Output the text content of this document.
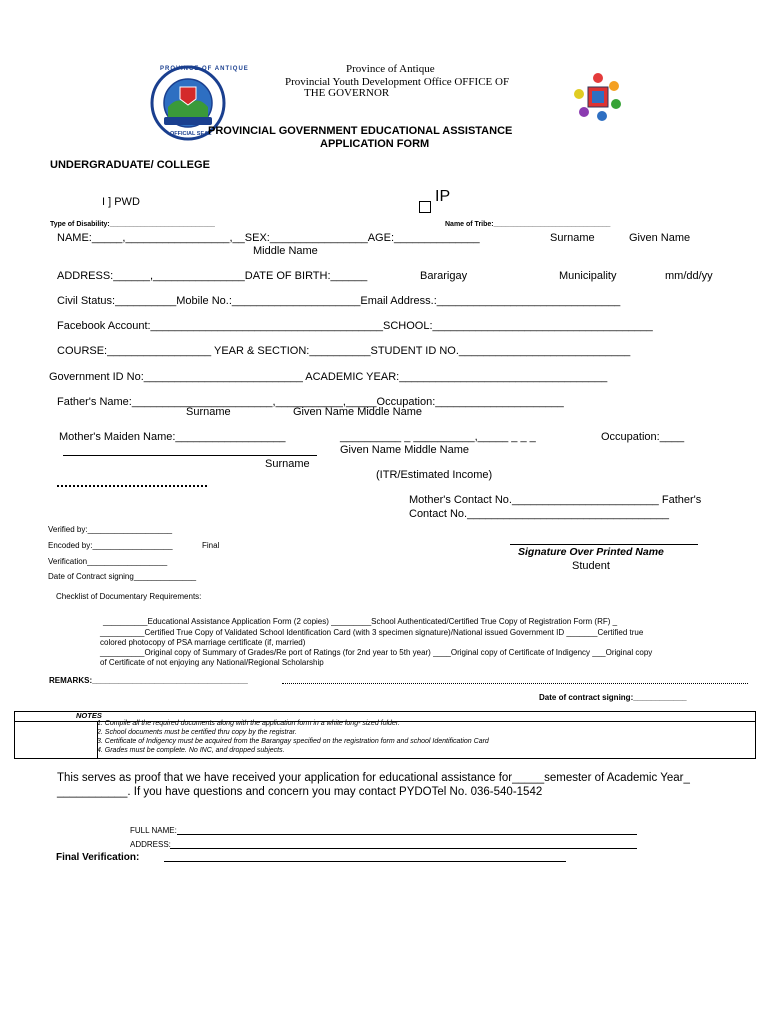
PROVINCE OF ANTIQUE
OFFICIAL SEAL
Province of Antique
Provincial Youth Development Office OFFICE OF
THE GOVERNOR
PROVINCIAL GOVERNMENT EDUCATIONAL ASSISTANCE
APPLICATION FORM
UNDERGRADUATE/ COLLEGE
I ] PWD	IP
Type of Disability:___________________________	Name of Tribe:______________________________
NAME:_____,_________________,__SEX:________________AGE:______________	Surname	Given Name
Middle Name
ADDRESS:______,_______________DATE OF BIRTH:______	Bararigay	Municipality	mm/dd/yy
Civil Status:__________Mobile No.:_____________________Email Address.:______________________________
Facebook Account:______________________________________SCHOOL:____________________________________
COURSE:_________________ YEAR & SECTION:__________STUDENT ID NO.____________________________
Government ID No:__________________________ ACADEMIC YEAR:__________________________________
Father's Name:_______________________,___________,_____Occupation:_____________________
Surname	Given Name Middle Name
Mother's Maiden Name:__________________	__________ _ __________,_____ _ _ _	Occupation:____
Given Name Middle Name
Surname
(ITR/Estimated Income)
Mother's Contact No.________________________ Father's
Contact No._________________________________
Verified by:___________________
Encoded by:__________________	Final
Verification__________________
Date of Contract signing______________
Signature Over Printed Name
Student
Checklist of Documentary Requirements:
__________Educational Assistance Application Form (2 copies) _________School Authenticated/Certified True Copy of Registration Form (RF) _
__________Certified True Copy of Validated School Identification Card (with 3 specimen signature)/National issued Government ID _______Certified true
colored photocopy of PSA marriage certificate (if, married)
__________Original copy of Summary of Grades/Re port of Ratings (for 2nd year to 5th year) ____Original copy of Certificate of Indigency ___Original copy
of Certificate of not enjoying any National/Regional Scholarship
REMARKS:___________________________________
Date of contract signing:____________
NOTES
1. Compile all the required documents along with the application form in a white long- sized folder.
2. School documents must be certified thru copy by the registrar.
3. Certificate of Indigency must be acquired from the Barangay specified on the registration form and school Identification Card
4. Grades must be complete. No INC, and dropped subjects.
This serves as proof that we have received your application for educational assistance for_____semester of Academic Year_
___________. If you have questions and concern you may contact PYDOTel No. 036-540-1542
FULL NAME:
ADDRESS:
Final Verification:
